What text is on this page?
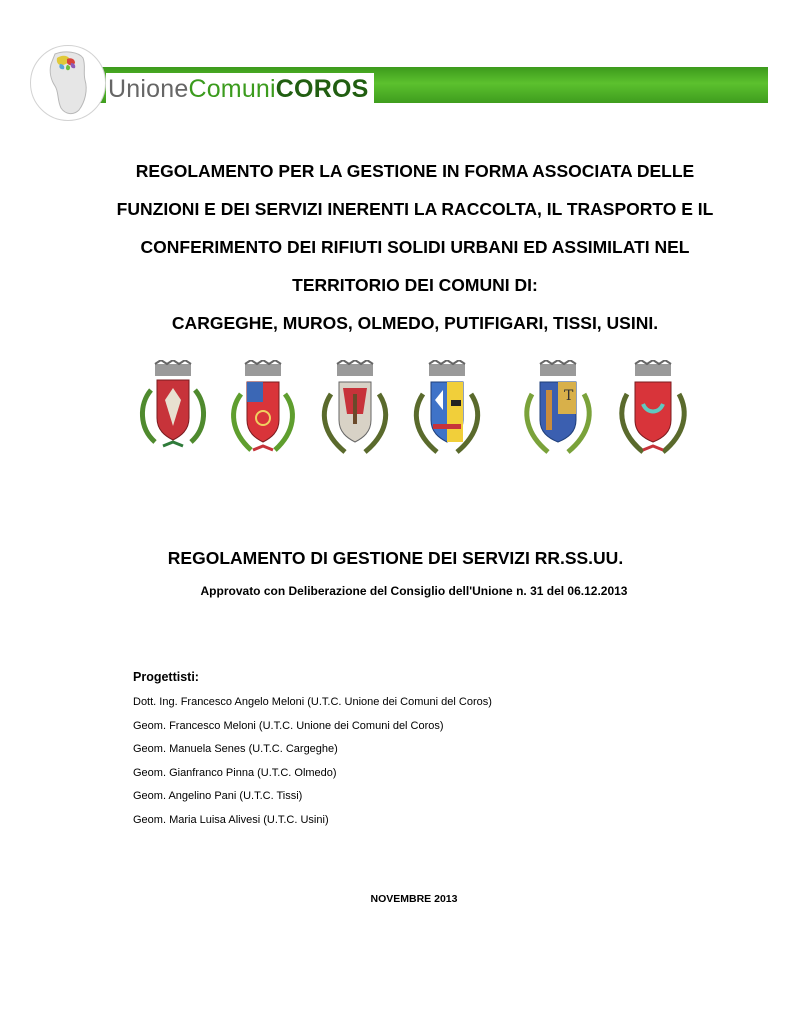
UnioneComuniCOROS
REGOLAMENTO PER LA GESTIONE IN FORMA ASSOCIATA DELLE
FUNZIONI E DEI SERVIZI INERENTI LA RACCOLTA, IL TRASPORTO E IL
CONFERIMENTO DEI RIFIUTI SOLIDI URBANI ED ASSIMILATI NEL
TERRITORIO DEI COMUNI DI:
CARGEGHE, MUROS, OLMEDO, PUTIFIGARI, TISSI, USINI.
T
REGOLAMENTO DI GESTIONE DEI SERVIZI RR.SS.UU.
Approvato con Deliberazione del Consiglio dell'Unione n. 31 del 06.12.2013
Progettisti:
Dott. Ing. Francesco Angelo Meloni (U.T.C. Unione dei Comuni del Coros)
Geom. Francesco Meloni (U.T.C. Unione dei Comuni del Coros)
Geom. Manuela Senes (U.T.C. Cargeghe)
Geom. Gianfranco Pinna (U.T.C. Olmedo)
Geom. Angelino Pani (U.T.C. Tissi)
Geom. Maria Luisa Alivesi (U.T.C. Usini)
NOVEMBRE 2013
